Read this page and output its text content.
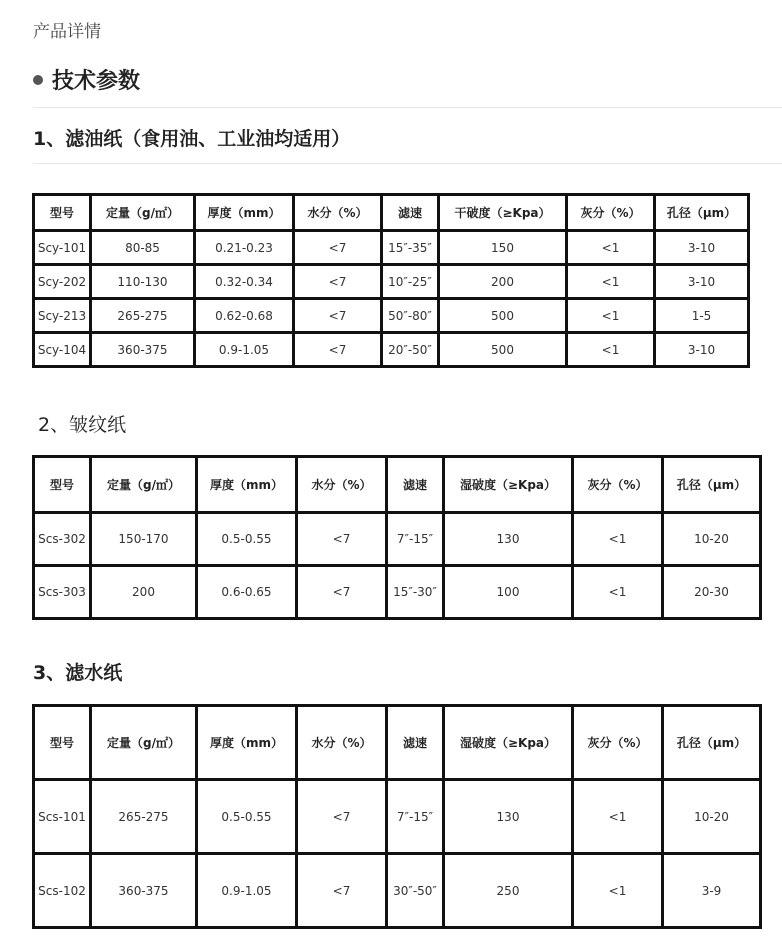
产品详情
技术参数
1、滤油纸（食用油、工业油均适用）
型号	定量（g/㎡）	厚度（mm）	水分（%）	滤速	干破度（≥Kpa）	灰分（%）	孔径（μm）
Scy-101	80-85	0.21-0.23	<7	15″-35″	150	<1	3-10
Scy-202	110-130	0.32-0.34	<7	10″-25″	200	<1	3-10
Scy-213	265-275	0.62-0.68	<7	50″-80″	500	<1	1-5
Scy-104	360-375	0.9-1.05	<7	20″-50″	500	<1	3-10
2、皱纹纸
型号	定量（g/㎡）	厚度（mm）	水分（%）	滤速	湿破度（≥Kpa）	灰分（%）	孔径（μm）
Scs-302	150-170	0.5-0.55	<7	7″-15″	130	<1	10-20
Scs-303	200	0.6-0.65	<7	15″-30″	100	<1	20-30
3、滤水纸
型号	定量（g/㎡）	厚度（mm）	水分（%）	滤速	湿破度（≥Kpa）	灰分（%）	孔径（μm）
Scs-101	265-275	0.5-0.55	<7	7″-15″	130	<1	10-20
Scs-102	360-375	0.9-1.05	<7	30″-50″	250	<1	3-9
